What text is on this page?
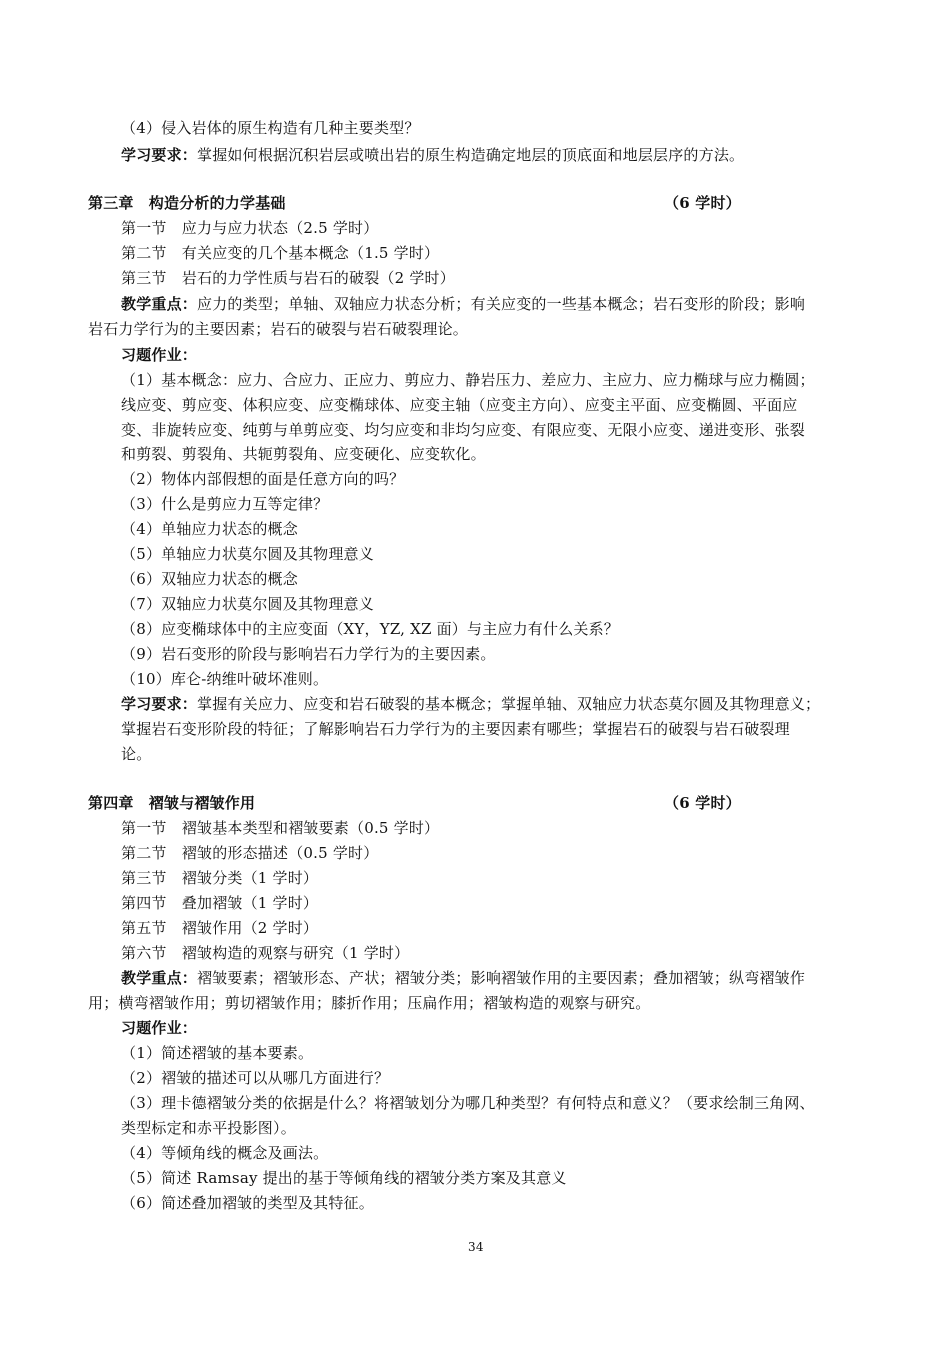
（4）侵入岩体的原生构造有几种主要类型？
学习要求：掌握如何根据沉积岩层或喷出岩的原生构造确定地层的顶底面和地层层序的方法。
第三章　构造分析的力学基础	（6 学时）
第一节　应力与应力状态（2.5 学时）
第二节　有关应变的几个基本概念（1.5 学时）
第三节　岩石的力学性质与岩石的破裂（2 学时）
教学重点：应力的类型；单轴、双轴应力状态分析；有关应变的一些基本概念；岩石变形的阶段；影响
岩石力学行为的主要因素；岩石的破裂与岩石破裂理论。
习题作业：
（1）基本概念：应力、合应力、正应力、剪应力、静岩压力、差应力、主应力、应力椭球与应力椭圆；
线应变、剪应变、体积应变、应变椭球体、应变主轴（应变主方向）、应变主平面、应变椭圆、平面应
变、非旋转应变、纯剪与单剪应变、均匀应变和非均匀应变、有限应变、无限小应变、递进变形、张裂
和剪裂、剪裂角、共轭剪裂角、应变硬化、应变软化。
（2）物体内部假想的面是任意方向的吗？
（3）什么是剪应力互等定律？
（4）单轴应力状态的概念
（5）单轴应力状莫尔圆及其物理意义
（6）双轴应力状态的概念
（7）双轴应力状莫尔圆及其物理意义
（8）应变椭球体中的主应变面（XY，YZ, XZ 面）与主应力有什么关系？
（9）岩石变形的阶段与影响岩石力学行为的主要因素。
（10）库仑-纳维叶破坏准则。
学习要求：掌握有关应力、应变和岩石破裂的基本概念；掌握单轴、双轴应力状态莫尔圆及其物理意义；
掌握岩石变形阶段的特征；了解影响岩石力学行为的主要因素有哪些；掌握岩石的破裂与岩石破裂理
论。
第四章　褶皱与褶皱作用	（6 学时）
第一节　褶皱基本类型和褶皱要素（0.5 学时）
第二节　褶皱的形态描述（0.5 学时）
第三节　褶皱分类（1 学时）
第四节　叠加褶皱（1 学时）
第五节　褶皱作用（2 学时）
第六节　褶皱构造的观察与研究（1 学时）
教学重点：褶皱要素；褶皱形态、产状；褶皱分类；影响褶皱作用的主要因素；叠加褶皱；纵弯褶皱作
用；横弯褶皱作用；剪切褶皱作用；膝折作用；压扁作用；褶皱构造的观察与研究。
习题作业：
（1）简述褶皱的基本要素。
（2）褶皱的描述可以从哪几方面进行？
（3）理卡德褶皱分类的依据是什么？将褶皱划分为哪几种类型？有何特点和意义？（要求绘制三角网、
类型标定和赤平投影图）。
（4）等倾角线的概念及画法。
（5）简述 Ramsay 提出的基于等倾角线的褶皱分类方案及其意义
（6）简述叠加褶皱的类型及其特征。
34
